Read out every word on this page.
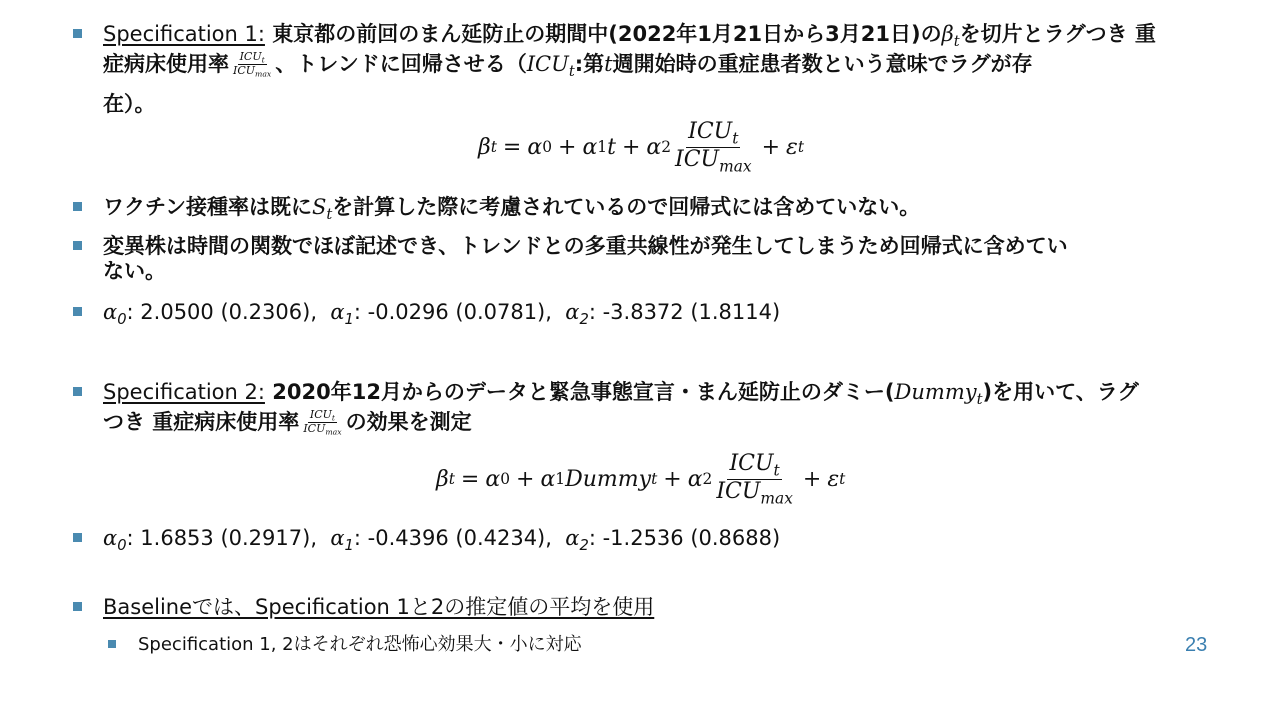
Specification 1: 東京都の前回のまん延防止の期間中(2022年1月21日から3月21日)の$\beta_t$を切片とラグつき 重
症病床使用率 $\frac{ICU_t}{ICU_{max}}$ 、トレンドに回帰させる（$ICU_t$:第t週開始時の重症患者数という意味でラグが存
在）。
β t = α 0 + α 1 t + α $2 \frac{ICU_t}{ICU_{max}} + \varepsilon$ t
ワクチン接種率は既に$S_t$を計算した際に考慮されているので回帰式には含めていない。
変異株は時間の関数でほぼ記述でき、トレンドとの多重共線性が発生してしまうため回帰式に含めてい
ない。
$\alpha_0$: 2.0500 (0.2306), $\alpha_1$: -0.0296 (0.0781), $\alpha_2$: -3.8372 (1.8114)
Specification 2: 2020年12月からのデータと緊急事態宣言・まん延防止のダミー(Dummy$_t$)を用いて、ラグ
つき 重症病床使用率 $\frac{ICU_t}{ICU_{max}}$ の効果を測定
β t = α 0 + α 1 Dummy t + α $2 \frac{ICU_t}{ICU_{max}} + \varepsilon$ t
$\alpha_0$: 1.6853 (0.2917), $\alpha_1$: -0.4396 (0.4234), $\alpha_2$: -1.2536 (0.8688)
Baselineでは、Specification 1と2の推定値の平均を使用
Specification 1, 2はそれぞれ恐怖心効果大・小に対応	23
